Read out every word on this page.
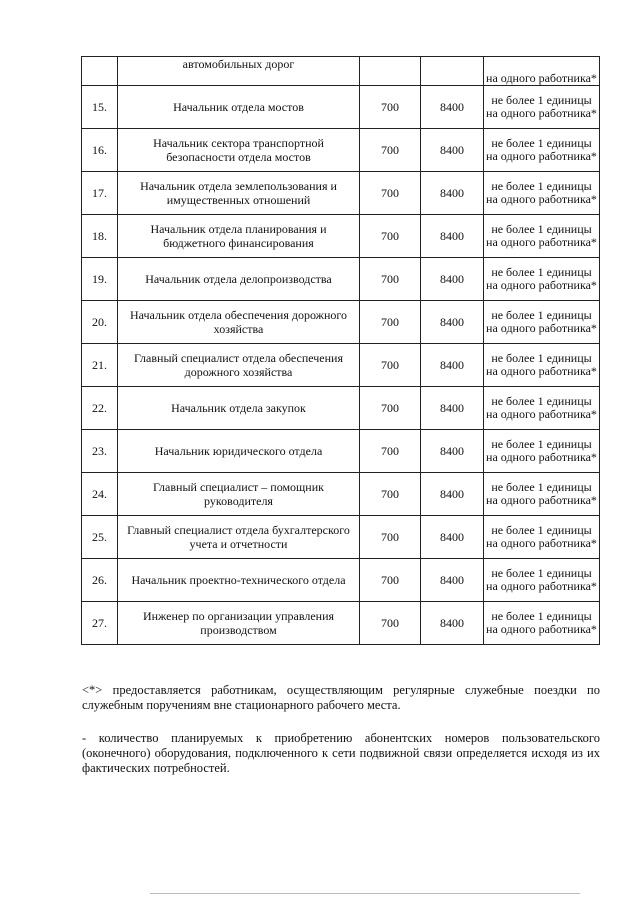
	автомобильных дорог			на одного работника*
15.	Начальник отдела мостов	700	8400	не более 1 единицы на одного работника*
16.	Начальник сектора транспортной безопасности отдела мостов	700	8400	не более 1 единицы на одного работника*
17.	Начальник отдела землепользования и имущественных отношений	700	8400	не более 1 единицы на одного работника*
18.	Начальник отдела планирования и бюджетного финансирования	700	8400	не более 1 единицы на одного работника*
19.	Начальник отдела делопроизводства	700	8400	не более 1 единицы на одного работника*
20.	Начальник отдела обеспечения дорожного хозяйства	700	8400	не более 1 единицы на одного работника*
21.	Главный специалист отдела обеспечения дорожного хозяйства	700	8400	не более 1 единицы на одного работника*
22.	Начальник отдела закупок	700	8400	не более 1 единицы на одного работника*
23.	Начальник юридического отдела	700	8400	не более 1 единицы на одного работника*
24.	Главный специалист – помощник руководителя	700	8400	не более 1 единицы на одного работника*
25.	Главный специалист отдела бухгалтерского учета и отчетности	700	8400	не более 1 единицы на одного работника*
26.	Начальник проектно-технического отдела	700	8400	не более 1 единицы на одного работника*
27.	Инженер по организации управления производством	700	8400	не более 1 единицы на одного работника*

<*> предоставляется работникам, осуществляющим регулярные служебные поездки по служебным поручениям вне стационарного рабочего места.

- количество планируемых к приобретению абонентских номеров пользовательского (оконечного) оборудования, подключенного к сети подвижной связи определяется исходя из их фактических потребностей.
